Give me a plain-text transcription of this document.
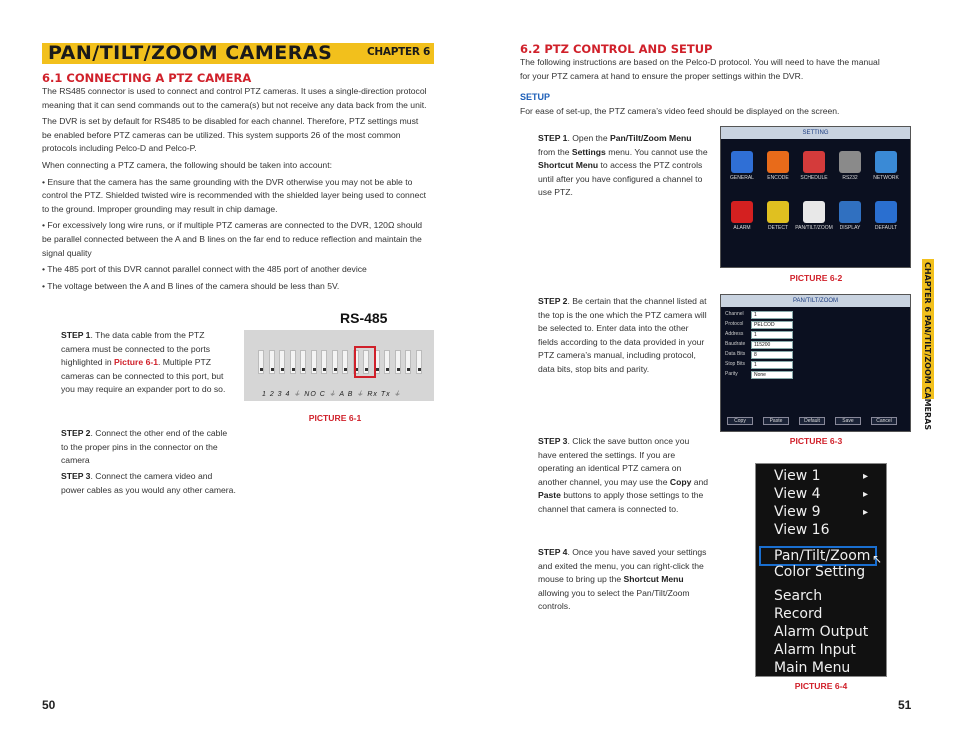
PAN/TILT/ZOOM CAMERAS	CHAPTER 6
6.1 CONNECTING A PTZ CAMERA

The RS485 connector is used to connect and control PTZ cameras. It uses a single-direction protocol meaning that it can send commands out to the camera(s) but not receive any data back from the unit.

The DVR is set by default for RS485 to be disabled for each channel. Therefore, PTZ settings must be enabled before PTZ cameras can be utilized. This system supports 26 of the most common protocols including Pelco-D and Pelco-P.

When connecting a PTZ camera, the following should be taken into account:

• Ensure that the camera has the same grounding with the DVR otherwise you may not be able to control the PTZ. Shielded twisted wire is recommended with the shielded layer being used to connect to the ground. Improper grounding may result in chip damage.

• For excessively long wire runs, or if multiple PTZ cameras are connected to the DVR, 120Ω should be parallel connected between the A and B lines on the far end to reduce reflection and maintain the signal quality

• The 485 port of this DVR cannot parallel connect with the 485 port of another device

• The voltage between the A and B lines of the camera should be less than 5V.

STEP 1. The data cable from the PTZ camera must be connected to the ports highlighted in Picture 6-1. Multiple PTZ cameras can be connected to this port, but you may require an expander port to do so.
STEP 2. Connect the other end of the cable to the proper pins in the connector on the camera
STEP 3. Connect the camera video and power cables as you would any other camera.
RS-485
1 2 3 4 ⏚ NO C ⏚ A B ⏚ Rx Tx ⏚
PICTURE 6-1
50
6.2 PTZ CONTROL AND SETUP
The following instructions are based on the Pelco-D protocol. You will need to have the manual for your PTZ camera at hand to ensure the proper settings within the DVR.
SETUP
For ease of set-up, the PTZ camera’s video feed should be displayed on the screen.
STEP 1. Open the Pan/Tilt/Zoom Menu from the Settings menu. You cannot use the Shortcut Menu to access the PTZ controls until after you have configured a channel to use PTZ.
SETTING
GENERAL	ENCODE	SCHEDULE	RS232	NETWORK
ALARM	DETECT	PAN/TILT/ZOOM	DISPLAY	DEFAULT
PICTURE 6-2
STEP 2. Be certain that the channel listed at the top is the one which the PTZ camera will be selected to. Enter data into the other fields according to the data provided in your PTZ camera’s manual, including protocol, data bits, stop bits and parity.
PAN/TILT/ZOOM
Channel	1
Protocol	PELCOD
Address	1
Baudrate	115200
Data Bits	8
Stop Bits	1
Parity	None
Copy	Paste	Default	Save	Cancel
PICTURE 6-3
STEP 3. Click the save button once you have entered the settings. If you are operating an identical PTZ camera on another channel, you may use the Copy and Paste buttons to apply those settings to the channel that camera is connected to.
STEP 4. Once you have saved your settings and exited the menu, you can right-click the mouse to bring up the Shortcut Menu allowing you to select the Pan/Tilt/Zoom controls.
View 1	▸
View 4	▸
View 9	▸
View 16
Pan/Tilt/Zoom
Color Setting
Search
Record
Alarm Output
Alarm Input
Main Menu
↖
PICTURE 6-4
CHAPTER 6 PAN/TILT/ZOOM CAMERAS
51
